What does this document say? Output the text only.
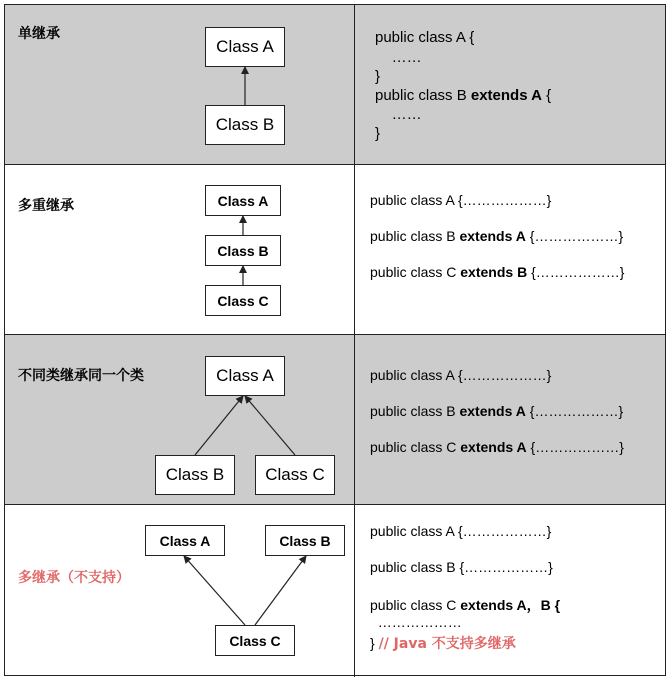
单继承
Class A
Class B
public class A {
……
}
public class B extends A {
……
}
多重继承	Class A
Class B
Class C
public class A {………………}
public class B extends A {………………}
public class C extends B {………………}
不同类继承同一个类	Class A
Class B	Class C
public class A {………………}
public class B extends A {………………}
public class C extends A {………………}
多继承（不支持）
Class A	Class B
Class C
public class A {………………}
public class B {………………}
public class C extends A，B {
………………
} // Java 不支持多继承
